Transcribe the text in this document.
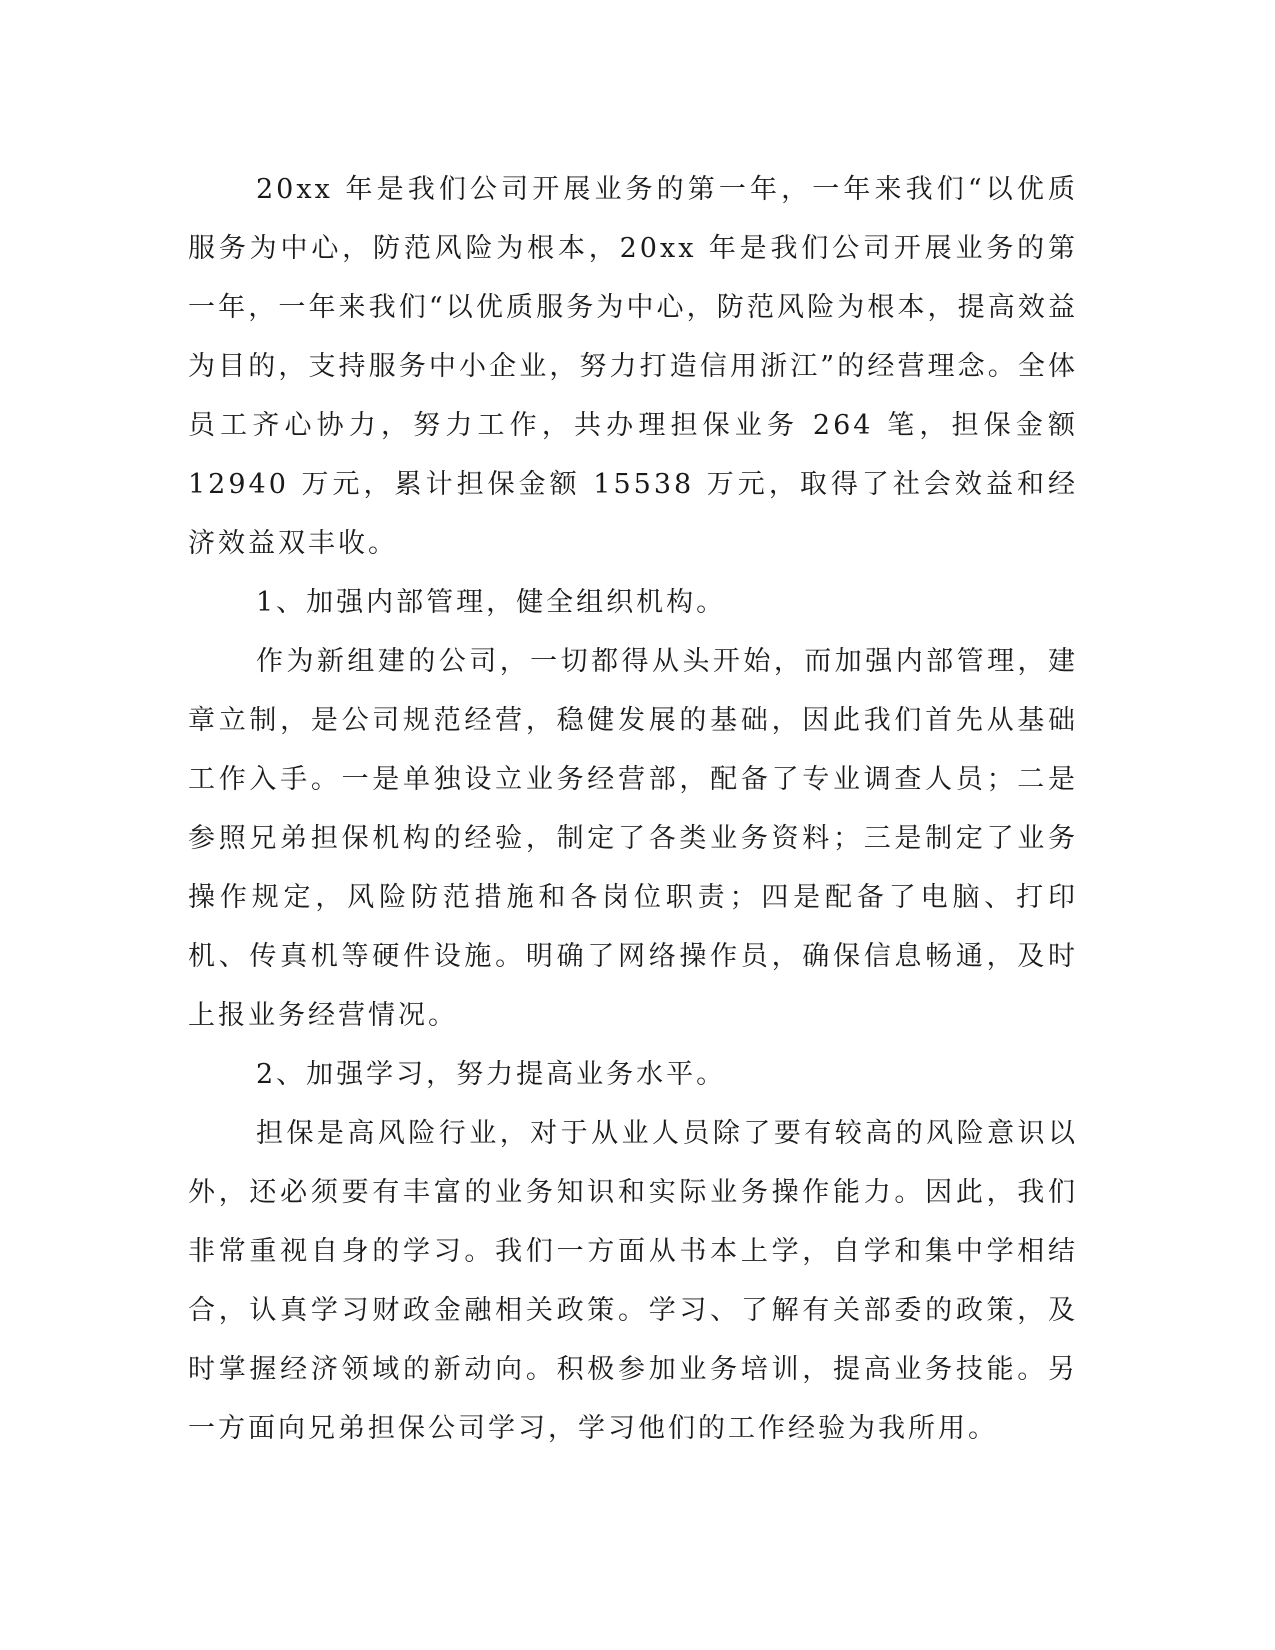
20xx 年是我们公司开展业务的第一年，一年来我们“以优质服务为中心，防范风险为根本，20xx 年是我们公司开展业务的第一年，一年来我们“以优质服务为中心，防范风险为根本，提高效益为目的，支持服务中小企业，努力打造信用浙江”的经营理念。全体员工齐心协力，努力工作，共办理担保业务 264 笔，担保金额 12940 万元，累计担保金额 15538 万元，取得了社会效益和经济效益双丰收。

1、加强内部管理，健全组织机构。

作为新组建的公司，一切都得从头开始，而加强内部管理，建章立制，是公司规范经营，稳健发展的基础，因此我们首先从基础工作入手。一是单独设立业务经营部，配备了专业调查人员；二是参照兄弟担保机构的经验，制定了各类业务资料；三是制定了业务操作规定，风险防范措施和各岗位职责；四是配备了电脑、打印机、传真机等硬件设施。明确了网络操作员，确保信息畅通，及时上报业务经营情况。

2、加强学习，努力提高业务水平。

担保是高风险行业，对于从业人员除了要有较高的风险意识以外，还必须要有丰富的业务知识和实际业务操作能力。因此，我们非常重视自身的学习。我们一方面从书本上学，自学和集中学相结合，认真学习财政金融相关政策。学习、了解有关部委的政策，及时掌握经济领域的新动向。积极参加业务培训，提高业务技能。另一方面向兄弟担保公司学习，学习他们的工作经验为我所用。
